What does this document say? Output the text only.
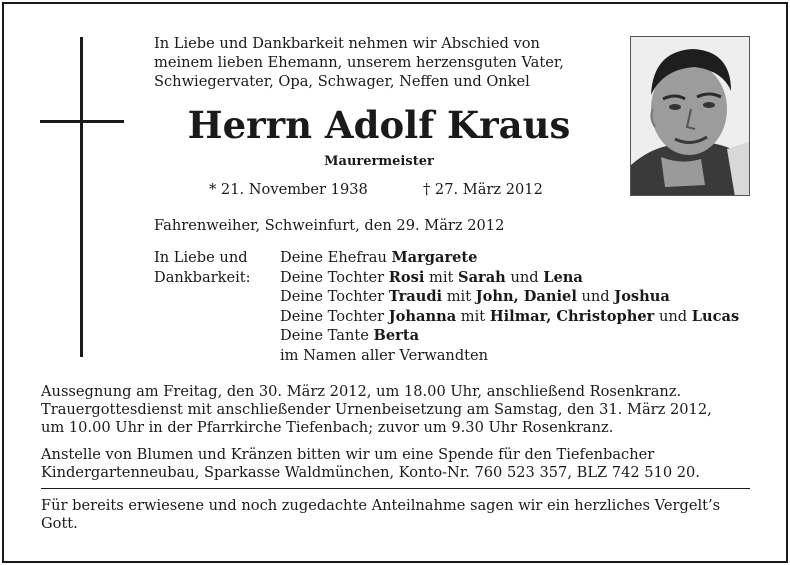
In Liebe und Dankbarkeit nehmen wir Abschied von
meinem lieben Ehemann, unserem herzensguten Vater,
Schwiegervater, Opa, Schwager, Neffen und Onkel
Herrn Adolf Kraus
Maurermeister
* 21. November 1938	† 27. März 2012
Fahrenweiher, Schweinfurt, den 29. März 2012
In Liebe und
Dankbarkeit:
Deine Ehefrau Margarete
Deine Tochter Rosi mit Sarah und Lena
Deine Tochter Traudi mit John, Daniel und Joshua
Deine Tochter Johanna mit Hilmar, Christopher und Lucas
Deine Tante Berta
im Namen aller Verwandten
Aussegnung am Freitag, den 30. März 2012, um 18.00 Uhr, anschließend Rosenkranz.
Trauergottesdienst mit anschließender Urnenbeisetzung am Samstag, den 31. März 2012,
um 10.00 Uhr in der Pfarrkirche Tiefenbach; zuvor um 9.30 Uhr Rosenkranz.
Anstelle von Blumen und Kränzen bitten wir um eine Spende für den Tiefenbacher
Kindergartenneubau, Sparkasse Waldmünchen, Konto-Nr. 760 523 357, BLZ 742 510 20.
Für bereits erwiesene und noch zugedachte Anteilnahme sagen wir ein herzliches Vergelt’s
Gott.
